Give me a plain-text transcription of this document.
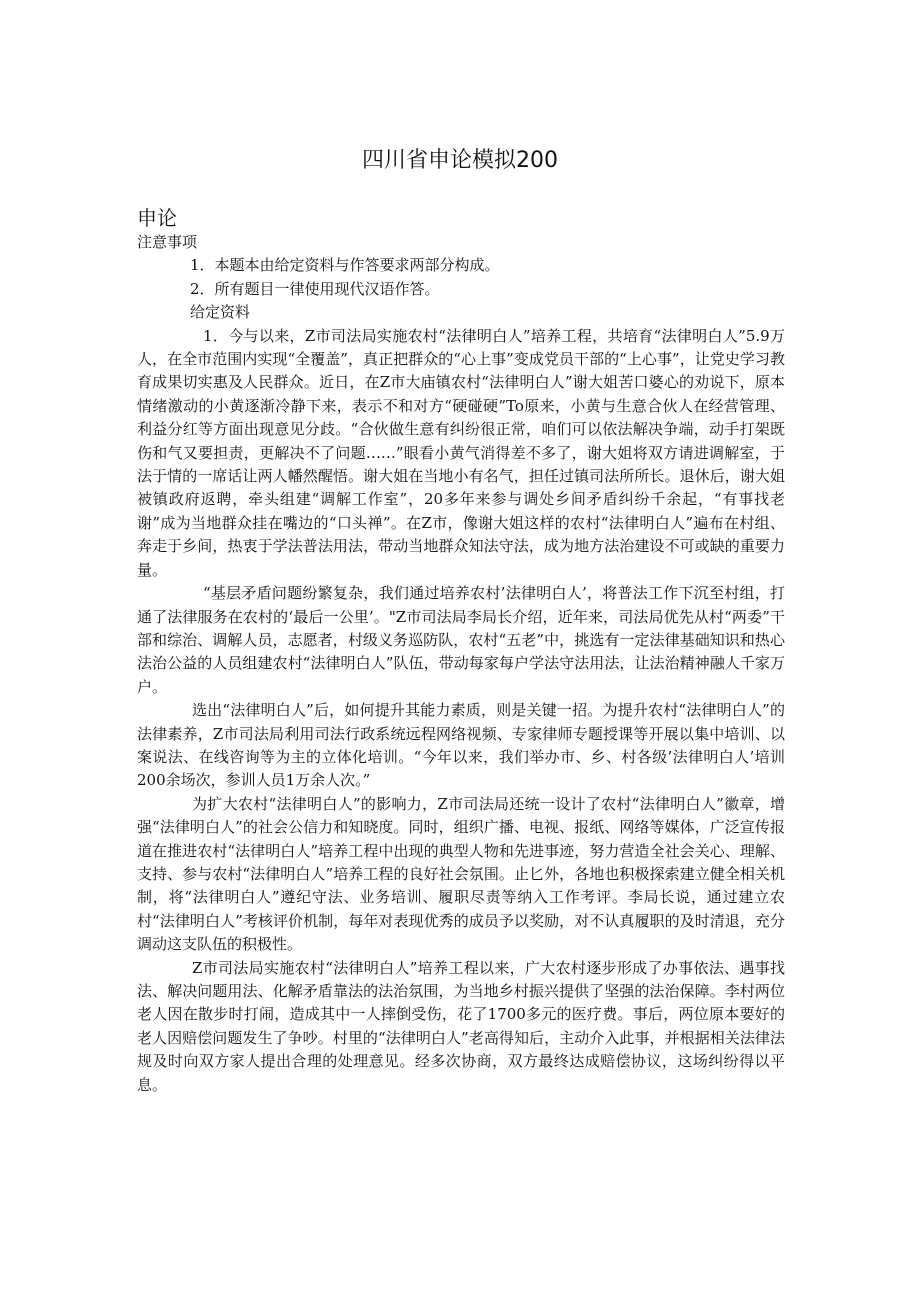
四川省申论模拟200
申论

注意事项

1．本题本由给定资料与作答要求两部分构成。

2．所有题目一律使用现代汉语作答。

给定资料

1．今与以来，Z市司法局实施农村“法律明白人”培养工程，共培育“法律明白人”5.9万人，在全市范围内实现“全覆盖”，真正把群众的“心上事”变成党员干部的“上心事”，让党史学习教育成果切实惠及人民群众。近日，在Z市大庙镇农村“法律明白人”谢大姐苦口婆心的劝说下，原本情绪激动的小黄逐渐冷静下来，表示不和对方“硬碰硬”To原来，小黄与生意合伙人在经营管理、利益分红等方面出现意见分歧。“合伙做生意有纠纷很正常，咱们可以依法解决争端，动手打架既伤和气又要担责，更解决不了问题……”眼看小黄气消得差不多了，谢大姐将双方请进调解室，于法于情的一席话让两人幡然醒悟。谢大姐在当地小有名气，担任过镇司法所所长。退休后，谢大姐被镇政府返聘，牵头组建“调解工作室”，20多年来参与调处乡间矛盾纠纷千余起，“有事找老谢”成为当地群众挂在嘴边的“口头禅”。在Z市，像谢大姐这样的农村“法律明白人”遍布在村组、奔走于乡间，热衷于学法普法用法，带动当地群众知法守法，成为地方法治建设不可或缺的重要力量。

“基层矛盾问题纷繁复杂，我们通过培养农村’法律明白人’，将普法工作下沉至村组，打通了法律服务在农村的‘最后一公里’。"Z市司法局李局长介绍，近年来，司法局优先从村“两委”干部和综治、调解人员，志愿者，村级义务巡防队，农村“五老”中，挑选有一定法律基础知识和热心法治公益的人员组建农村“法律明白人”队伍，带动每家每户学法守法用法，让法治精神融人千家万户。

选出“法律明白人”后，如何提升其能力素质，则是关键一招。为提升农村“法律明白人”的法律素养，Z市司法局利用司法行政系统远程网络视频、专家律师专题授课等开展以集中培训、以案说法、在线咨询等为主的立体化培训。“今年以来，我们举办市、乡、村各级’法律明白人’培训200余场次，参训人员1万余人次。”

为扩大农村“法律明白人”的影响力，Z市司法局还统一设计了农村“法律明白人”徽章，增强“法律明白人”的社会公信力和知晓度。同时，组织广播、电视、报纸、网络等媒体，广泛宣传报道在推进农村“法律明白人”培养工程中出现的典型人物和先进事迹，努力营造全社会关心、理解、支持、参与农村“法律明白人”培养工程的良好社会氛围。止匕外，各地也积极探索建立健全相关机制，将“法律明白人”遵纪守法、业务培训、履职尽责等纳入工作考评。李局长说，通过建立农村“法律明白人”考核评价机制，每年对表现优秀的成员予以奖励，对不认真履职的及时清退，充分调动这支队伍的积极性。

Z市司法局实施农村“法律明白人”培养工程以来，广大农村逐步形成了办事依法、遇事找法、解决问题用法、化解矛盾靠法的法治氛围，为当地乡村振兴提供了坚强的法治保障。李村两位老人因在散步时打闹，造成其中一人摔倒受伤，花了1700多元的医疗费。事后，两位原本要好的老人因赔偿问题发生了争吵。村里的“法律明白人”老高得知后，主动介入此事，并根据相关法律法规及时向双方家人提出合理的处理意见。经多次协商，双方最终达成赔偿协议，这场纠纷得以平息。
